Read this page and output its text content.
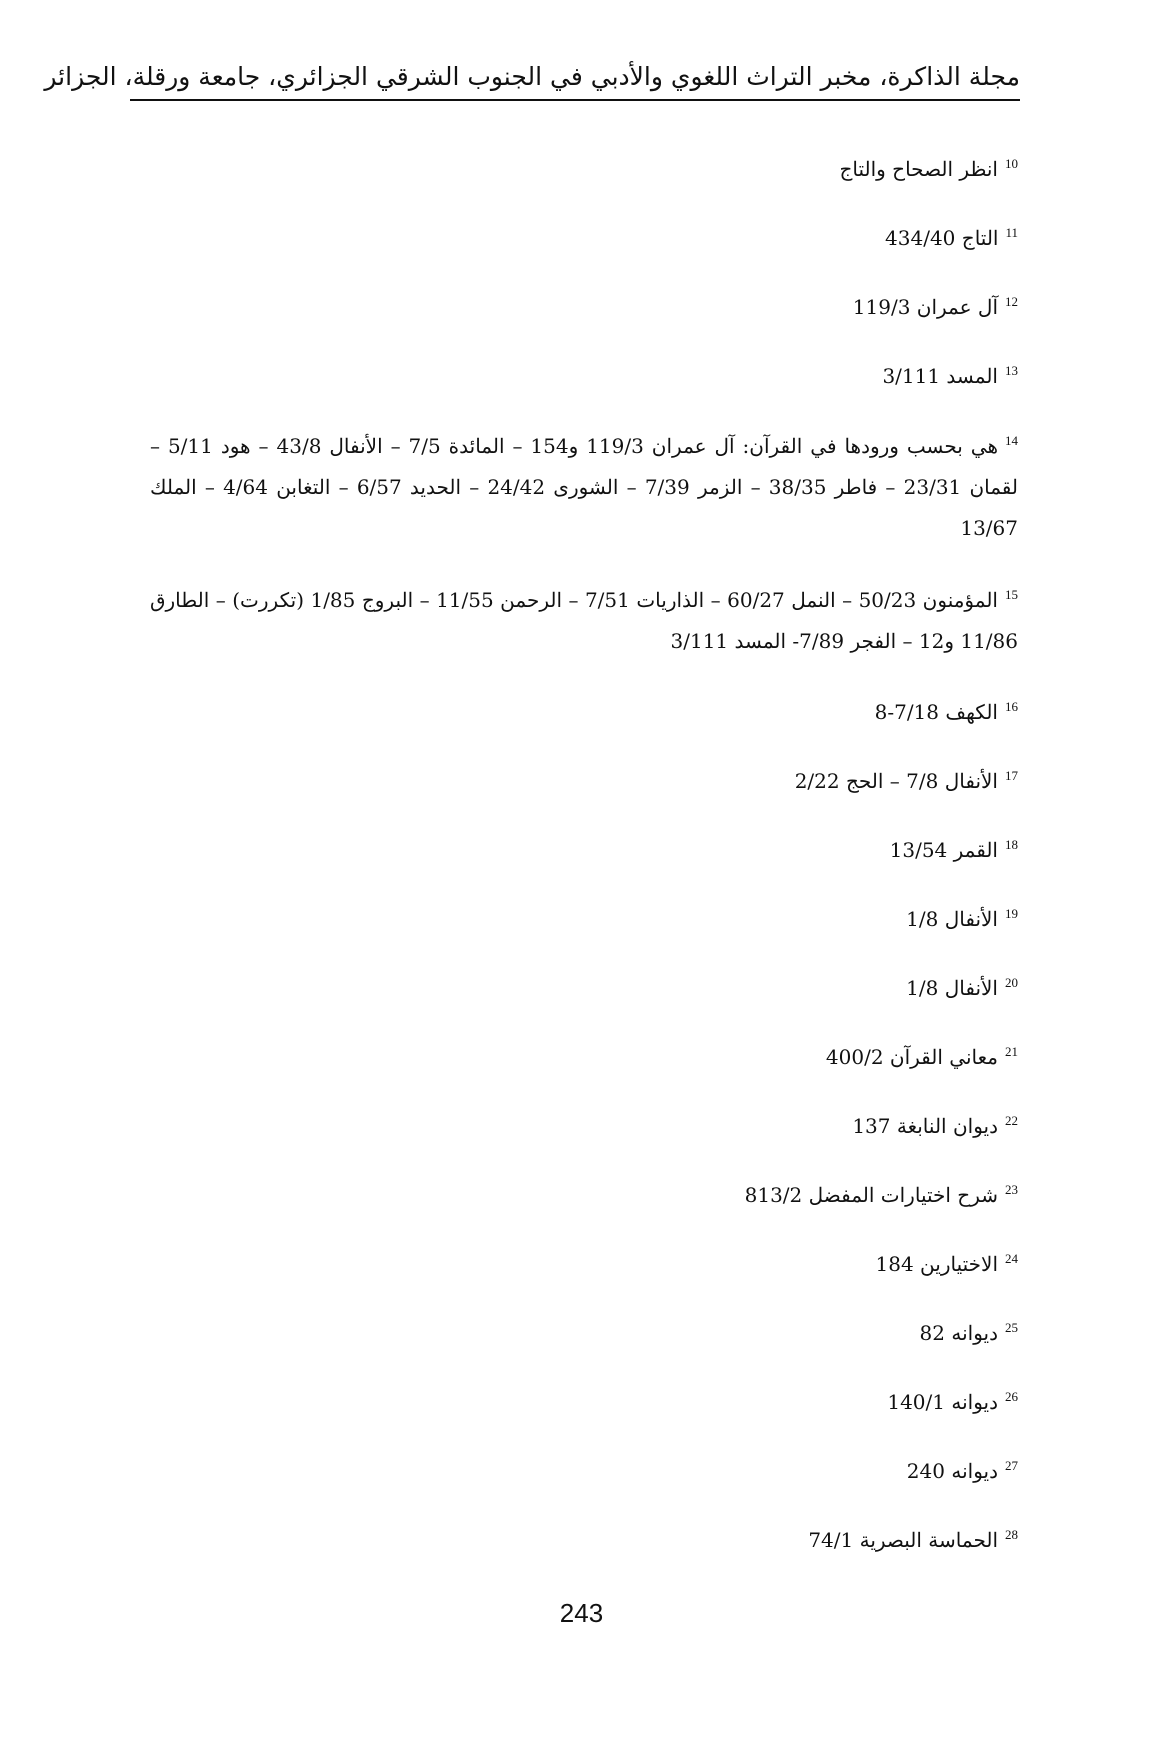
مجلة الذاكرة، مخبر التراث اللغوي والأدبي في الجنوب الشرقي الجزائري، جامعة ورقلة، الجزائر
$^{10}$انظر الصحاح والتاج
$^{11}$التاج 434/40
$^{12}$آل عمران 119/3
$^{13}$المسد 3/111
$^{14}$هي بحسب ورودها في القرآن: آل عمران 119/3 و154 – المائدة 7/5 – الأنفال 43/8 – هود 5/11 – لقمان 23/31 – فاطر 38/35 – الزمر 7/39 – الشورى 24/42 – الحديد 6/57 – التغابن 4/64 – الملك 13/67
$^{15}$المؤمنون 50/23 – النمل 60/27 – الذاريات 7/51 – الرحمن 11/55 – البروج 1/85 (تكررت) – الطارق 11/86 و12 – الفجر 7/89- المسد 3/111
$^{16}$الكهف 7/18-8
$^{17}$الأنفال 7/8 – الحج 2/22
$^{18}$القمر 13/54
$^{19}$الأنفال 1/8
$^{20}$الأنفال 1/8
$^{21}$معاني القرآن 400/2
$^{22}$ديوان النابغة 137
$^{23}$شرح اختيارات المفضل 813/2
$^{24}$الاختيارين 184
$^{25}$ديوانه 82
$^{26}$ديوانه 140/1
$^{27}$ديوانه 240
$^{28}$الحماسة البصرية 74/1
243
